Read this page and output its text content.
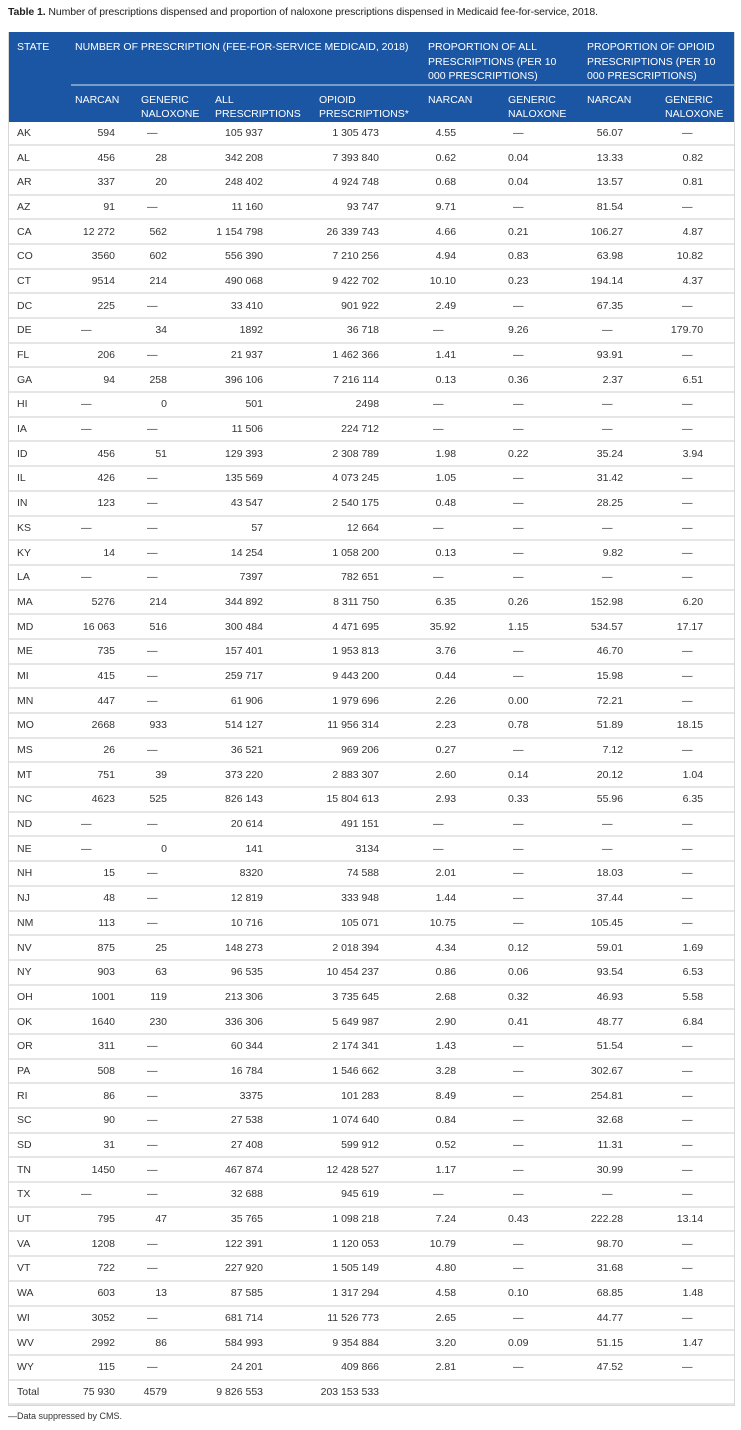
Table 1. Number of prescriptions dispensed and proportion of naloxone prescriptions dispensed in Medicaid fee-for-service, 2018.
STATE	NUMBER OF PRESCRIPTION (FEE-FOR-SERVICE MEDICAID, 2018)				PROPORTION OF ALL PRESCRIPTIONS (PER 10 000 PRESCRIPTIONS)		PROPORTION OF OPIOID PRESCRIPTIONS (PER 10 000 PRESCRIPTIONS)	

	NARCAN	GENERIC NALOXONE	ALL PRESCRIPTIONS	OPIOID PRESCRIPTIONS*	NARCAN	GENERIC NALOXONE	NARCAN	GENERIC NALOXONE
AK	594	—	105 937	1 305 473	4.55	—	56.07	—
AL	456	28	342 208	7 393 840	0.62	0.04	13.33	0.82
AR	337	20	248 402	4 924 748	0.68	0.04	13.57	0.81
AZ	91	—	11 160	93 747	9.71	—	81.54	—
CA	12 272	562	1 154 798	26 339 743	4.66	0.21	106.27	4.87
CO	3560	602	556 390	7 210 256	4.94	0.83	63.98	10.82
CT	9514	214	490 068	9 422 702	10.10	0.23	194.14	4.37
DC	225	—	33 410	901 922	2.49	—	67.35	—
DE	—	34	1892	36 718	—	9.26	—	179.70
FL	206	—	21 937	1 462 366	1.41	—	93.91	—
GA	94	258	396 106	7 216 114	0.13	0.36	2.37	6.51
HI	—	0	501	2498	—	—	—	—
IA	—	—	11 506	224 712	—	—	—	—
ID	456	51	129 393	2 308 789	1.98	0.22	35.24	3.94
IL	426	—	135 569	4 073 245	1.05	—	31.42	—
IN	123	—	43 547	2 540 175	0.48	—	28.25	—
KS	—	—	57	12 664	—	—	—	—
KY	14	—	14 254	1 058 200	0.13	—	9.82	—
LA	—	—	7397	782 651	—	—	—	—
MA	5276	214	344 892	8 311 750	6.35	0.26	152.98	6.20
MD	16 063	516	300 484	4 471 695	35.92	1.15	534.57	17.17
ME	735	—	157 401	1 953 813	3.76	—	46.70	—
MI	415	—	259 717	9 443 200	0.44	—	15.98	—
MN	447	—	61 906	1 979 696	2.26	0.00	72.21	—
MO	2668	933	514 127	11 956 314	2.23	0.78	51.89	18.15
MS	26	—	36 521	969 206	0.27	—	7.12	—
MT	751	39	373 220	2 883 307	2.60	0.14	20.12	1.04
NC	4623	525	826 143	15 804 613	2.93	0.33	55.96	6.35
ND	—	—	20 614	491 151	—	—	—	—
NE	—	0	141	3134	—	—	—	—
NH	15	—	8320	74 588	2.01	—	18.03	—
NJ	48	—	12 819	333 948	1.44	—	37.44	—
NM	113	—	10 716	105 071	10.75	—	105.45	—
NV	875	25	148 273	2 018 394	4.34	0.12	59.01	1.69
NY	903	63	96 535	10 454 237	0.86	0.06	93.54	6.53
OH	1001	119	213 306	3 735 645	2.68	0.32	46.93	5.58
OK	1640	230	336 306	5 649 987	2.90	0.41	48.77	6.84
OR	311	—	60 344	2 174 341	1.43	—	51.54	—
PA	508	—	16 784	1 546 662	3.28	—	302.67	—
RI	86	—	3375	101 283	8.49	—	254.81	—
SC	90	—	27 538	1 074 640	0.84	—	32.68	—
SD	31	—	27 408	599 912	0.52	—	11.31	—
TN	1450	—	467 874	12 428 527	1.17	—	30.99	—
TX	—	—	32 688	945 619	—	—	—	—
UT	795	47	35 765	1 098 218	7.24	0.43	222.28	13.14
VA	1208	—	122 391	1 120 053	10.79	—	98.70	—
VT	722	—	227 920	1 505 149	4.80	—	31.68	—
WA	603	13	87 585	1 317 294	4.58	0.10	68.85	1.48
WI	3052	—	681 714	11 526 773	2.65	—	44.77	—
WV	2992	86	584 993	9 354 884	3.20	0.09	51.15	1.47
WY	115	—	24 201	409 866	2.81	—	47.52	—
Total	75 930	4579	9 826 553	203 153 533				
—Data suppressed by CMS.
